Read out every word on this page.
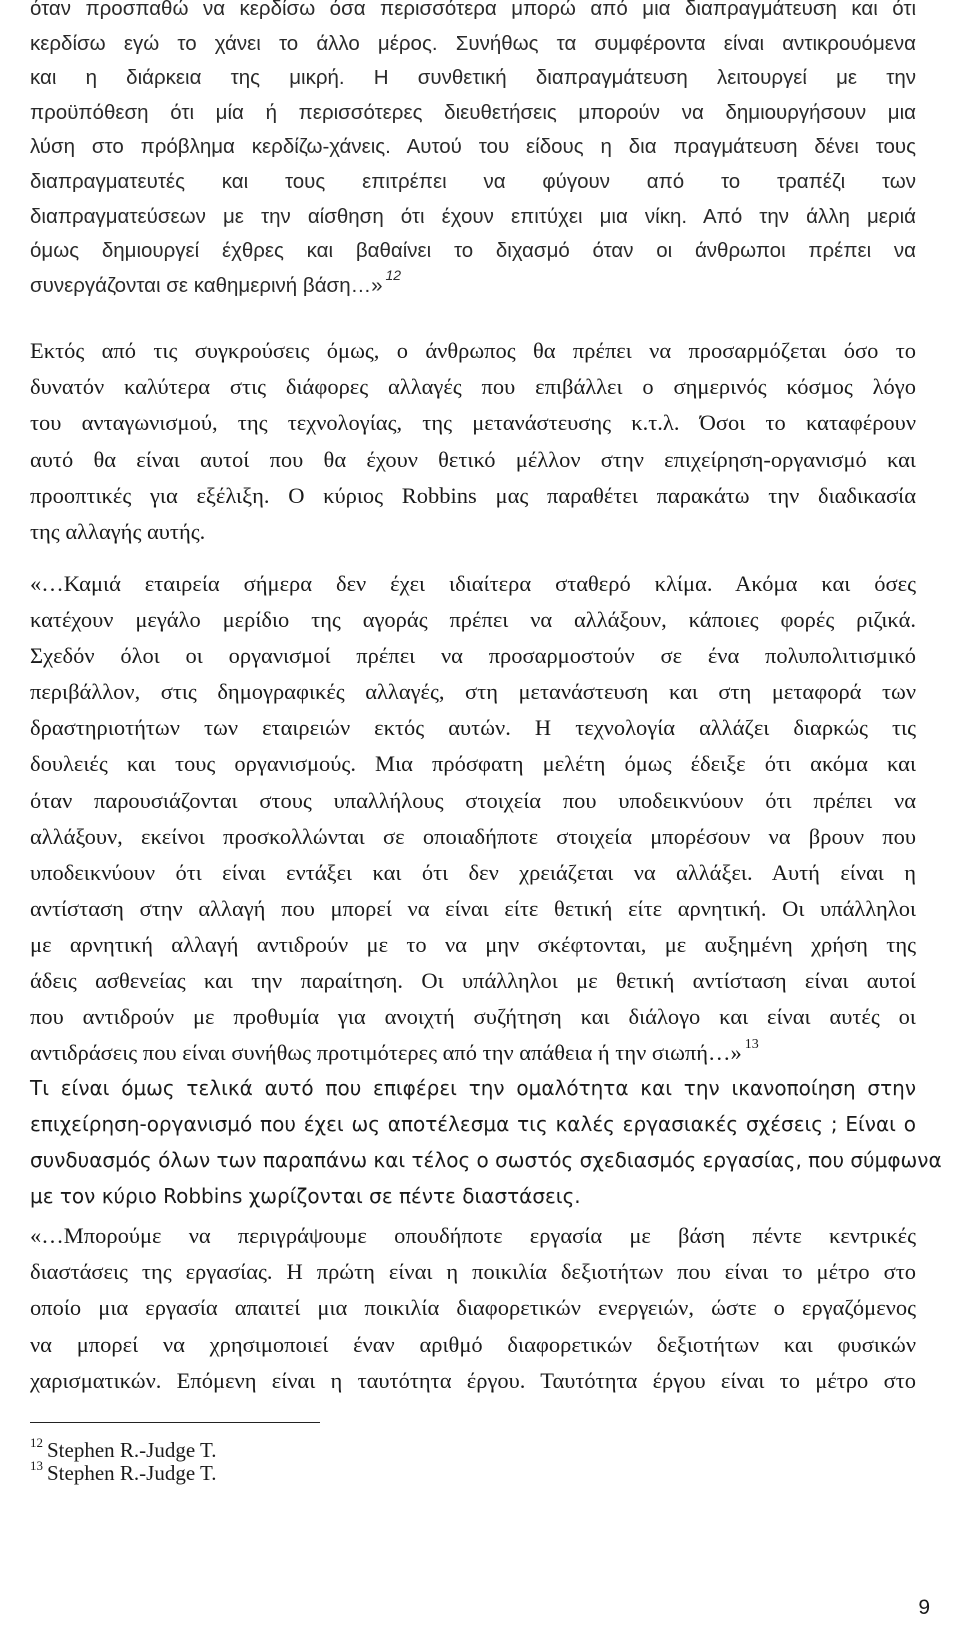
όταν προσπαθώ να κερδίσω όσα περισσότερα μπορώ από μια διαπραγμάτευση και ότι
κερδίσω εγώ το χάνει το άλλο μέρος. Συνήθως τα συμφέροντα είναι αντικρουόμενα
και η διάρκεια της μικρή. Η συνθετική διαπραγμάτευση λειτουργεί με την
προϋπόθεση ότι μία ή περισσότερες διευθετήσεις μπορούν να δημιουργήσουν μια
λύση στο πρόβλημα κερδίζω-χάνεις. Αυτού του είδους η δια πραγμάτευση δένει τους
διαπραγματευτές και τους επιτρέπει να φύγουν από το τραπέζι των
διαπραγματεύσεων με την αίσθηση ότι έχουν επιτύχει μια νίκη. Από την άλλη μεριά
όμως δημιουργεί έχθρες και βαθαίνει το διχασμό όταν οι άνθρωποι πρέπει να
συνεργάζονται σε καθημερινή βάση…» $^{12}$
Εκτός από τις συγκρούσεις όμως, ο άνθρωπος θα πρέπει να προσαρμόζεται όσο το
δυνατόν καλύτερα στις διάφορες αλλαγές που επιβάλλει ο σημερινός κόσμος λόγο
του ανταγωνισμού, της τεχνολογίας, της μετανάστευσης κ.τ.λ. Όσοι το καταφέρουν
αυτό θα είναι αυτοί που θα έχουν θετικό μέλλον στην επιχείρηση-οργανισμό και
προοπτικές για εξέλιξη. Ο κύριος Robbins μας παραθέτει παρακάτω την διαδικασία
της αλλαγής αυτής.
«…Καμιά εταιρεία σήμερα δεν έχει ιδιαίτερα σταθερό κλίμα. Ακόμα και όσες
κατέχουν μεγάλο μερίδιο της αγοράς πρέπει να αλλάξουν, κάποιες φορές ριζικά.
Σχεδόν όλοι οι οργανισμοί πρέπει να προσαρμοστούν σε ένα πολυπολιτισμικό
περιβάλλον, στις δημογραφικές αλλαγές, στη μετανάστευση και στη μεταφορά των
δραστηριοτήτων των εταιρειών εκτός αυτών. Η τεχνολογία αλλάζει διαρκώς τις
δουλειές και τους οργανισμούς. Μια πρόσφατη μελέτη όμως έδειξε ότι ακόμα και
όταν παρουσιάζονται στους υπαλλήλους στοιχεία που υποδεικνύουν ότι πρέπει να
αλλάξουν, εκείνοι προσκολλώνται σε οποιαδήποτε στοιχεία μπορέσουν να βρουν που
υποδεικνύουν ότι είναι εντάξει και ότι δεν χρειάζεται να αλλάξει. Αυτή είναι η
αντίσταση στην αλλαγή που μπορεί να είναι είτε θετική είτε αρνητική. Οι υπάλληλοι
με αρνητική αλλαγή αντιδρούν με το να μην σκέφτονται, με αυξημένη χρήση της
άδεις ασθενείας και την παραίτηση. Οι υπάλληλοι με θετική αντίσταση είναι αυτοί
που αντιδρούν με προθυμία για ανοιχτή συζήτηση και διάλογο και είναι αυτές οι
αντιδράσεις που είναι συνήθως προτιμότερες από την απάθεια ή την σιωπή…» $^{13}$
Τι είναι όμως τελικά αυτό που επιφέρει την ομαλότητα και την ικανοποίηση στην
επιχείρηση-οργανισμό που έχει ως αποτέλεσμα τις καλές εργασιακές σχέσεις ; Είναι ο
συνδυασμός όλων των παραπάνω και τέλος ο σωστός σχεδιασμός εργασίας, που σύμφωνα
με τον κύριο Robbins χωρίζονται σε πέντε διαστάσεις.
«…Μπορούμε να περιγράψουμε οπουδήποτε εργασία με βάση πέντε κεντρικές
διαστάσεις της εργασίας. Η πρώτη είναι η ποικιλία δεξιοτήτων που είναι το μέτρο στο
οποίο μια εργασία απαιτεί μια ποικιλία διαφορετικών ενεργειών, ώστε ο εργαζόμενος
να μπορεί να χρησιμοποιεί έναν αριθμό διαφορετικών δεξιοτήτων και φυσικών
χαρισματικών. Επόμενη είναι η ταυτότητα έργου. Ταυτότητα έργου είναι το μέτρο στο
$^{12}$ Stephen R.-Judge T.
$^{13}$ Stephen R.-Judge T.
9
